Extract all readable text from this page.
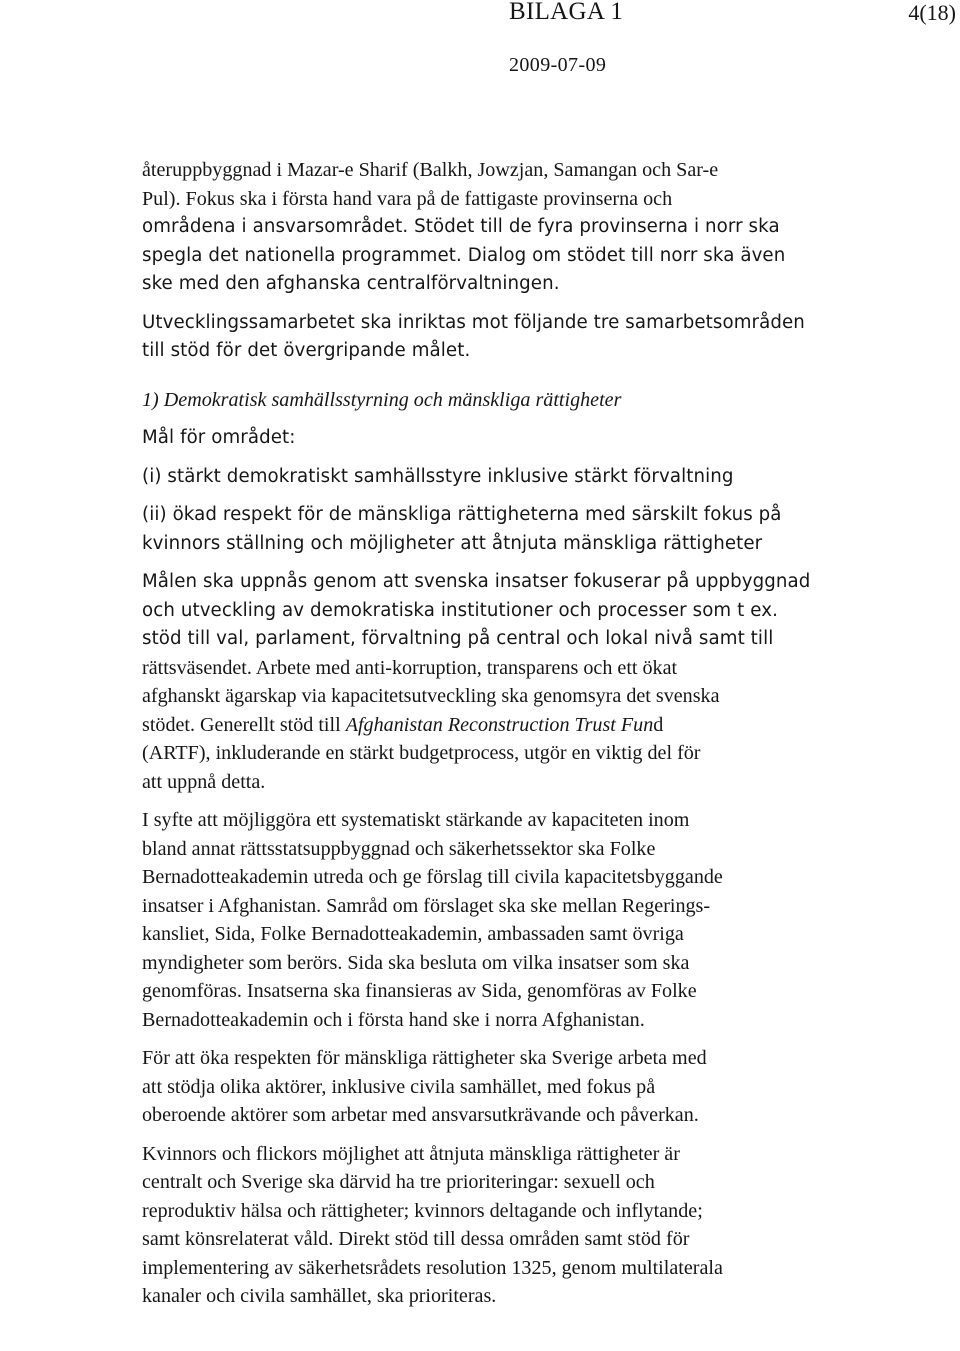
BILAGA 1	4(18)
2009-07-09

återuppbyggnad i Mazar-e Sharif (Balkh, Jowzjan, Samangan och Sar-e
Pul). Fokus ska i första hand vara på de fattigaste provinserna och
områdena i ansvarsområdet. Stödet till de fyra provinserna i norr ska
spegla det nationella programmet. Dialog om stödet till norr ska även
ske med den afghanska centralförvaltningen.

Utvecklingssamarbetet ska inriktas mot följande tre samarbetsområden
till stöd för det övergripande målet.

1) Demokratisk samhällsstyrning och mänskliga rättigheter

Mål för området:

(i) stärkt demokratiskt samhällsstyre inklusive stärkt förvaltning

(ii) ökad respekt för de mänskliga rättigheterna med särskilt fokus på
kvinnors ställning och möjligheter att åtnjuta mänskliga rättigheter

Målen ska uppnås genom att svenska insatser fokuserar på uppbyggnad
och utveckling av demokratiska institutioner och processer som t ex.
stöd till val, parlament, förvaltning på central och lokal nivå samt till
rättsväsendet. Arbete med anti-korruption, transparens och ett ökat
afghanskt ägarskap via kapacitetsutveckling ska genomsyra det svenska
stödet. Generellt stöd till Afghanistan Reconstruction Trust Fund
(ARTF), inkluderande en stärkt budgetprocess, utgör en viktig del för
att uppnå detta.

I syfte att möjliggöra ett systematiskt stärkande av kapaciteten inom
bland annat rättsstatsuppbyggnad och säkerhetssektor ska Folke
Bernadotteakademin utreda och ge förslag till civila kapacitetsbyggande
insatser i Afghanistan. Samråd om förslaget ska ske mellan Regerings-
kansliet, Sida, Folke Bernadotteakademin, ambassaden samt övriga
myndigheter som berörs. Sida ska besluta om vilka insatser som ska
genomföras. Insatserna ska finansieras av Sida, genomföras av Folke
Bernadotteakademin och i första hand ske i norra Afghanistan.

För att öka respekten för mänskliga rättigheter ska Sverige arbeta med
att stödja olika aktörer, inklusive civila samhället, med fokus på
oberoende aktörer som arbetar med ansvarsutkrävande och påverkan.

Kvinnors och flickors möjlighet att åtnjuta mänskliga rättigheter är
centralt och Sverige ska därvid ha tre prioriteringar: sexuell och
reproduktiv hälsa och rättigheter; kvinnors deltagande och inflytande;
samt könsrelaterat våld. Direkt stöd till dessa områden samt stöd för
implementering av säkerhetsrådets resolution 1325, genom multilaterala
kanaler och civila samhället, ska prioriteras.
